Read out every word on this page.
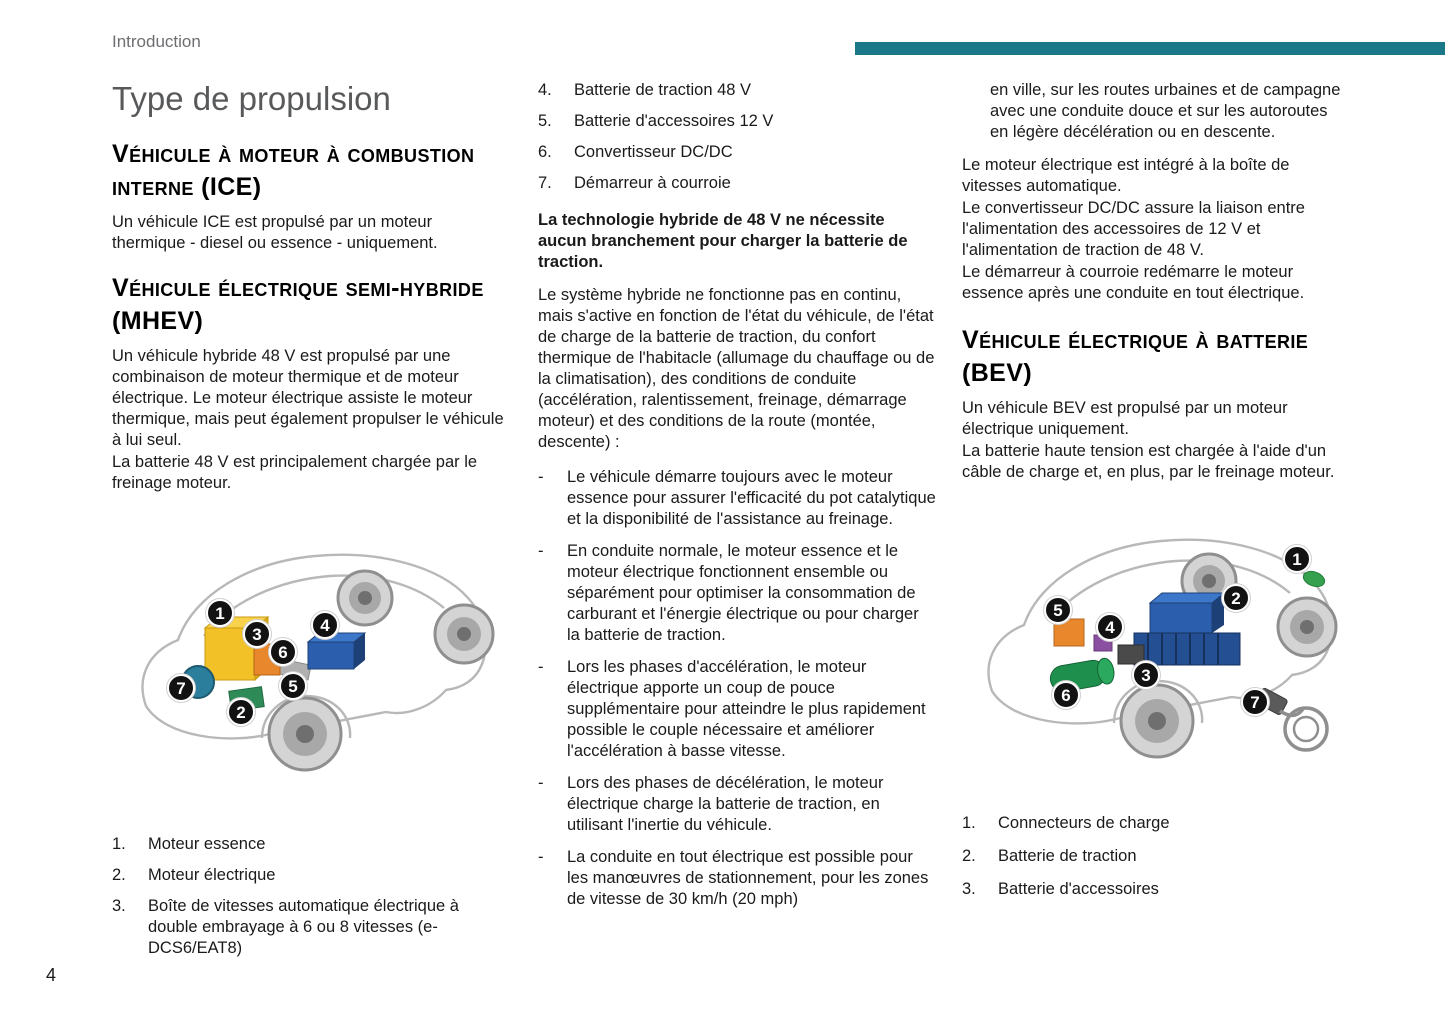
Introduction
Type de propulsion
Véhicule à moteur à combustion interne (ICE)

Un véhicule ICE est propulsé par un moteur thermique - diesel ou essence - uniquement.

Véhicule électrique semi-hybride (MHEV)

Un véhicule hybride 48 V est propulsé par une combinaison de moteur thermique et de moteur électrique. Le moteur électrique assiste le moteur thermique, mais peut également propulser le véhicule à lui seul.

La batterie 48 V est principalement chargée par le freinage moteur.

1
3	4
6
7	5
2
1.	Moteur essence
2.	Moteur électrique
3.	Boîte de vitesses automatique électrique à double embrayage à 6 ou 8 vitesses (e-DCS6/EAT8)
4.	Batterie de traction 48 V
5.	Batterie d'accessoires 12 V
6.	Convertisseur DC/DC
7.	Démarreur à courroie

La technologie hybride de 48 V ne nécessite aucun branchement pour charger la batterie de traction.

Le système hybride ne fonctionne pas en continu, mais s'active en fonction de l'état du véhicule, de l'état de charge de la batterie de traction, du confort thermique de l'habitacle (allumage du chauffage ou de la climatisation), des conditions de conduite (accélération, ralentissement, freinage, démarrage moteur) et des conditions de la route (montée, descente) :

-	Le véhicule démarre toujours avec le moteur essence pour assurer l'efficacité du pot catalytique et la disponibilité de l'assistance au freinage.
-	En conduite normale, le moteur essence et le moteur électrique fonctionnent ensemble ou séparément pour optimiser la consommation de carburant et l'énergie électrique ou pour charger la batterie de traction.
-	Lors les phases d'accélération, le moteur électrique apporte un coup de pouce supplémentaire pour atteindre le plus rapidement possible le couple nécessaire et améliorer l'accélération à basse vitesse.
-	Lors des phases de décélération, le moteur électrique charge la batterie de traction, en utilisant l'inertie du véhicule.
-	La conduite en tout électrique est possible pour les manœuvres de stationnement, pour les zones de vitesse de 30 km/h (20 mph)

en ville, sur les routes urbaines et de campagne avec une conduite douce et sur les autoroutes en légère décélération ou en descente.

Le moteur électrique est intégré à la boîte de vitesses automatique.

Le convertisseur DC/DC assure la liaison entre l'alimentation des accessoires de 12 V et l'alimentation de traction de 48 V.

Le démarreur à courroie redémarre le moteur essence après une conduite en tout électrique.

Véhicule électrique à batterie (BEV)

Un véhicule BEV est propulsé par un moteur électrique uniquement.

La batterie haute tension est chargée à l'aide d'un câble de charge et, en plus, par le freinage moteur.

1
2
5
4
3
6	7
1.	Connecteurs de charge
2.	Batterie de traction
3.	Batterie d'accessoires
4
